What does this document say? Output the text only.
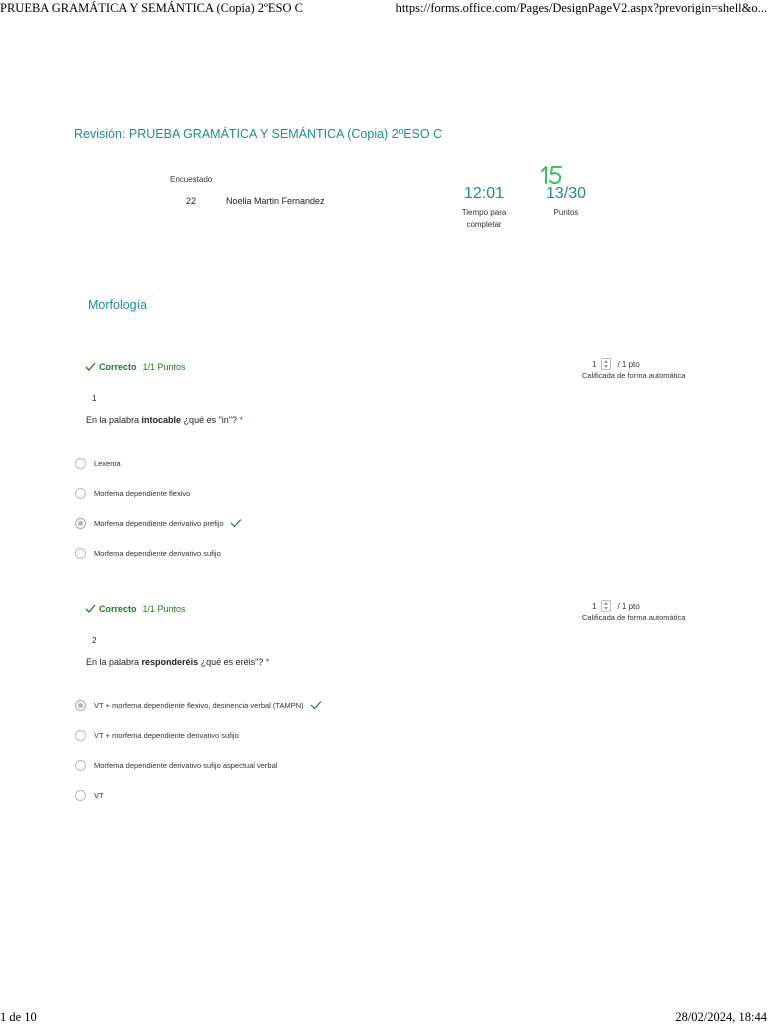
PRUEBA GRAMÁTICA Y SEMÁNTICA (Copia) 2ºESO C	https://forms.office.com/Pages/DesignPageV2.aspx?prevorigin=shell&o...
Revisión: PRUEBA GRAMÁTICA Y SEMÁNTICA (Copia) 2ºESO C
Encuestado
22	Noelia Martin Fernandez	12:01
Tiempo para completar
13/30
Puntos
Morfología
Correcto 1/1 Puntos	1	/ 1 pto
Calificada de forma automática
1
En la palabra intocable ¿qué es "in"? *
Lexema
Morfema dependiente flexivo
Morfema dependiente derivativo prefijo
Morfema dependiente derivativo sufijo
Correcto 1/1 Puntos	1	/ 1 pto
Calificada de forma automática
2
En la palabra responderéis ¿qué es eréis"? *
VT + morfema dependiente flexivo, desinencia verbal (TAMPN)
VT + morfema dependiente derivativo sufijo
Morfema dependiente derivativo sufijo aspectual verbal
VT
1 de 10	28/02/2024, 18:44
